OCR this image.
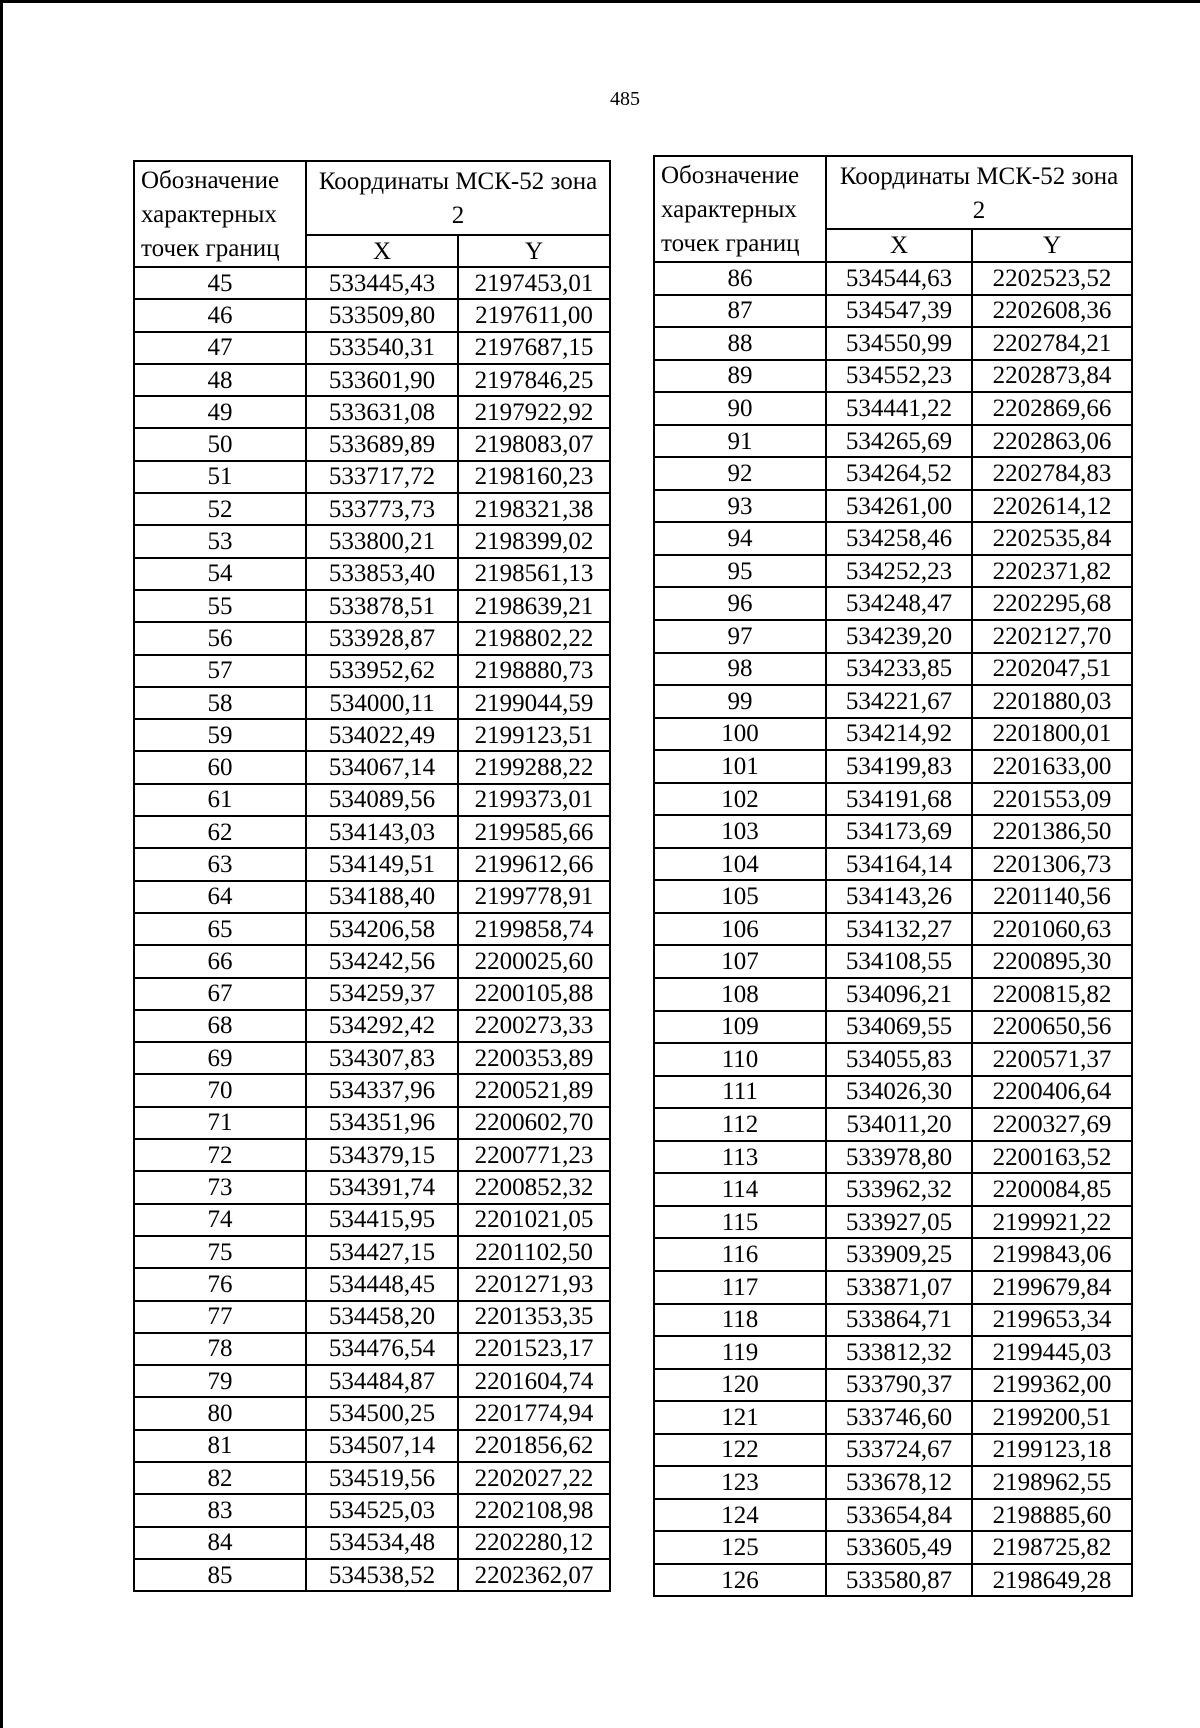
485
Обозначение характерных точек границ	Координаты МСК-52 зона 2	
	X	Y
45	533445,43	2197453,01
46	533509,80	2197611,00
47	533540,31	2197687,15
48	533601,90	2197846,25
49	533631,08	2197922,92
50	533689,89	2198083,07
51	533717,72	2198160,23
52	533773,73	2198321,38
53	533800,21	2198399,02
54	533853,40	2198561,13
55	533878,51	2198639,21
56	533928,87	2198802,22
57	533952,62	2198880,73
58	534000,11	2199044,59
59	534022,49	2199123,51
60	534067,14	2199288,22
61	534089,56	2199373,01
62	534143,03	2199585,66
63	534149,51	2199612,66
64	534188,40	2199778,91
65	534206,58	2199858,74
66	534242,56	2200025,60
67	534259,37	2200105,88
68	534292,42	2200273,33
69	534307,83	2200353,89
70	534337,96	2200521,89
71	534351,96	2200602,70
72	534379,15	2200771,23
73	534391,74	2200852,32
74	534415,95	2201021,05
75	534427,15	2201102,50
76	534448,45	2201271,93
77	534458,20	2201353,35
78	534476,54	2201523,17
79	534484,87	2201604,74
80	534500,25	2201774,94
81	534507,14	2201856,62
82	534519,56	2202027,22
83	534525,03	2202108,98
84	534534,48	2202280,12
85	534538,52	2202362,07
Обозначение характерных точек границ	Координаты МСК-52 зона 2	
	X	Y
86	534544,63	2202523,52
87	534547,39	2202608,36
88	534550,99	2202784,21
89	534552,23	2202873,84
90	534441,22	2202869,66
91	534265,69	2202863,06
92	534264,52	2202784,83
93	534261,00	2202614,12
94	534258,46	2202535,84
95	534252,23	2202371,82
96	534248,47	2202295,68
97	534239,20	2202127,70
98	534233,85	2202047,51
99	534221,67	2201880,03
100	534214,92	2201800,01
101	534199,83	2201633,00
102	534191,68	2201553,09
103	534173,69	2201386,50
104	534164,14	2201306,73
105	534143,26	2201140,56
106	534132,27	2201060,63
107	534108,55	2200895,30
108	534096,21	2200815,82
109	534069,55	2200650,56
110	534055,83	2200571,37
111	534026,30	2200406,64
112	534011,20	2200327,69
113	533978,80	2200163,52
114	533962,32	2200084,85
115	533927,05	2199921,22
116	533909,25	2199843,06
117	533871,07	2199679,84
118	533864,71	2199653,34
119	533812,32	2199445,03
120	533790,37	2199362,00
121	533746,60	2199200,51
122	533724,67	2199123,18
123	533678,12	2198962,55
124	533654,84	2198885,60
125	533605,49	2198725,82
126	533580,87	2198649,28
